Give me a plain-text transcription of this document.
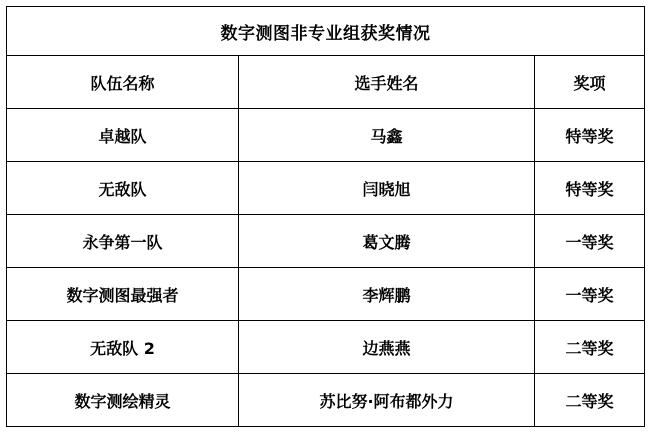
数字测图非专业组获奖情况		
队伍名称	选手姓名	奖项
卓越队	马鑫	特等奖
无敌队	闫晓旭	特等奖
永争第一队	葛文腾	一等奖
数字测图最强者	李辉鹏	一等奖
无敌队 2	边燕燕	二等奖
数字测绘精灵	苏比努·阿布都外力	二等奖
